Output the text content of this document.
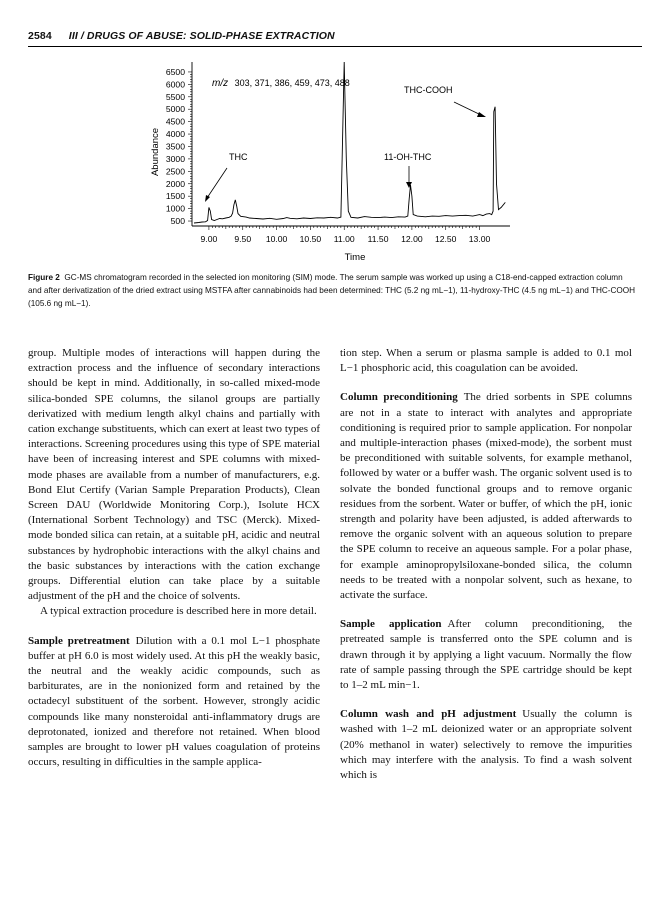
2584 III / DRUGS OF ABUSE: SOLID-PHASE EXTRACTION
500
1000
1500
2000
2500
3000
3500
4000
4500
5000
5500
6000
6500
9.00 9.50 10.00 10.50 11.00 11.50 12.00 12.50 13.00
Abundance
Time
m/z 303, 371, 386, 459, 473, 488
THC	11-OH-THC
THC-COOH
Figure 2 GC-MS chromatogram recorded in the selected ion monitoring (SIM) mode. The serum sample was worked up using a C18-end-capped extraction column and after derivatization of the dried extract using MSTFA after cannabinoids had been determined: THC (5.2 ng mL−1), 11-hydroxy-THC (4.5 ng mL−1) and THC-COOH (105.6 ng mL−1).

group. Multiple modes of interactions will happen during the extraction process and the influence of secondary interactions should be kept in mind. Additionally, in so-called mixed-mode silica-bonded SPE columns, the silanol groups are partially derivatized with medium length alkyl chains and partially with cation exchange substituents, which can exert at least two types of interactions. Screening procedures using this type of SPE material have been of increasing interest and SPE columns with mixed-mode phases are available from a number of manufacturers, e.g. Bond Elut Certify (Varian Sample Preparation Products), Clean Screen DAU (Worldwide Monitoring Corp.), Isolute HCX (International Sorbent Technology) and TSC (Merck). Mixed-mode bonded silica can retain, at a suitable pH, acidic and neutral substances by hydrophobic interactions with the alkyl chains and the basic substances by interactions with the cation exchange groups. Differential elution can take place by a suitable adjustment of the pH and the choice of solvents.

A typical extraction procedure is described here in more detail.

Sample pretreatment Dilution with a 0.1 mol L−1 phosphate buffer at pH 6.0 is most widely used. At this pH the weakly basic, the neutral and the weakly acidic compounds, such as barbiturates, are in the nonionized form and retained by the octadecyl substituent of the sorbent. However, strongly acidic compounds like many nonsteroidal anti-inflammatory drugs are deprotonated, ionized and therefore not retained. When blood samples are brought to lower pH values coagulation of proteins occurs, resulting in difficulties in the sample applica-

tion step. When a serum or plasma sample is added to 0.1 mol L−1 phosphoric acid, this coagulation can be avoided.

Column preconditioning The dried sorbents in SPE columns are not in a state to interact with analytes and appropriate conditioning is required prior to sample application. For nonpolar and multiple-interaction phases (mixed-mode), the sorbent must be preconditioned with suitable solvents, for example methanol, followed by water or a buffer wash. The organic solvent used is to solvate the bonded functional groups and to remove organic residues from the sorbent. Water or buffer, of which the pH, ionic strength and polarity have been adjusted, is added afterwards to remove the organic solvent with an aqueous solution to prepare the SPE column to receive an aqueous sample. For a polar phase, for example aminopropylsiloxane-bonded silica, the column needs to be treated with a nonpolar solvent, such as hexane, to activate the surface.

Sample application After column preconditioning, the pretreated sample is transferred onto the SPE column and is drawn through it by applying a light vacuum. Normally the flow rate of sample passing through the SPE cartridge should be kept to 1–2 mL min−1.

Column wash and pH adjustment Usually the column is washed with 1–2 mL deionized water or an appropriate solvent (20% methanol in water) selectively to remove the impurities which may interfere with the analysis. To find a wash solvent which is
